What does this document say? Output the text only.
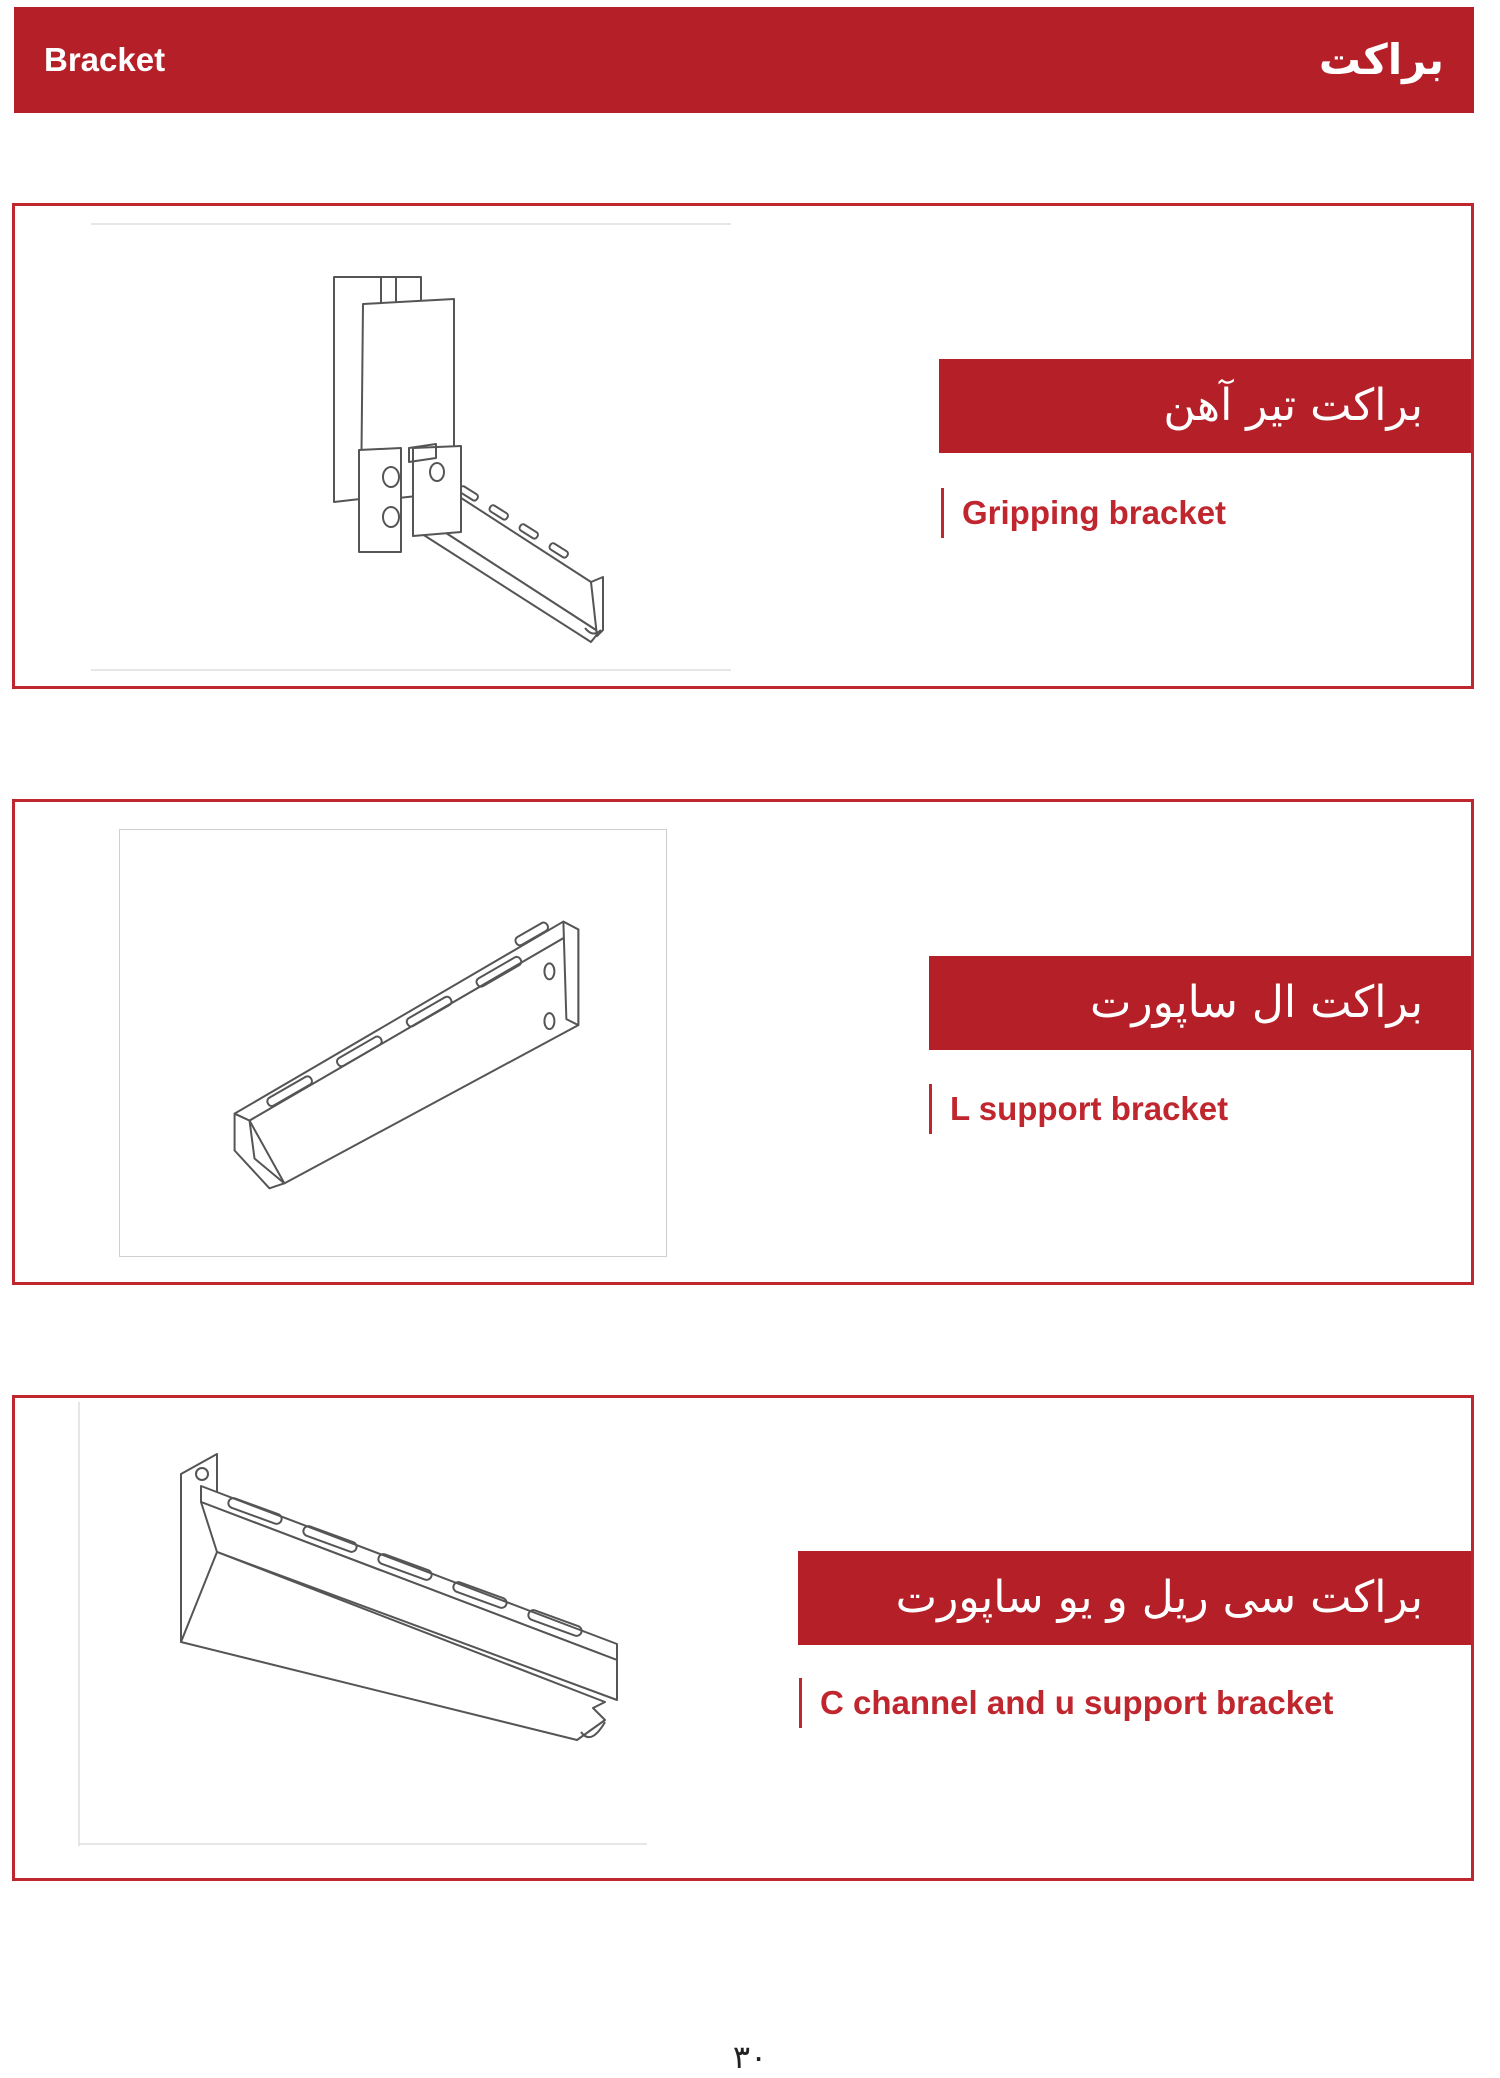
Bracket	براکت
براکت تیر آهن
Gripping bracket
براکت ال ساپورت
L support bracket
براکت سی ریل و یو ساپورت
C channel and u support bracket
۳۰
